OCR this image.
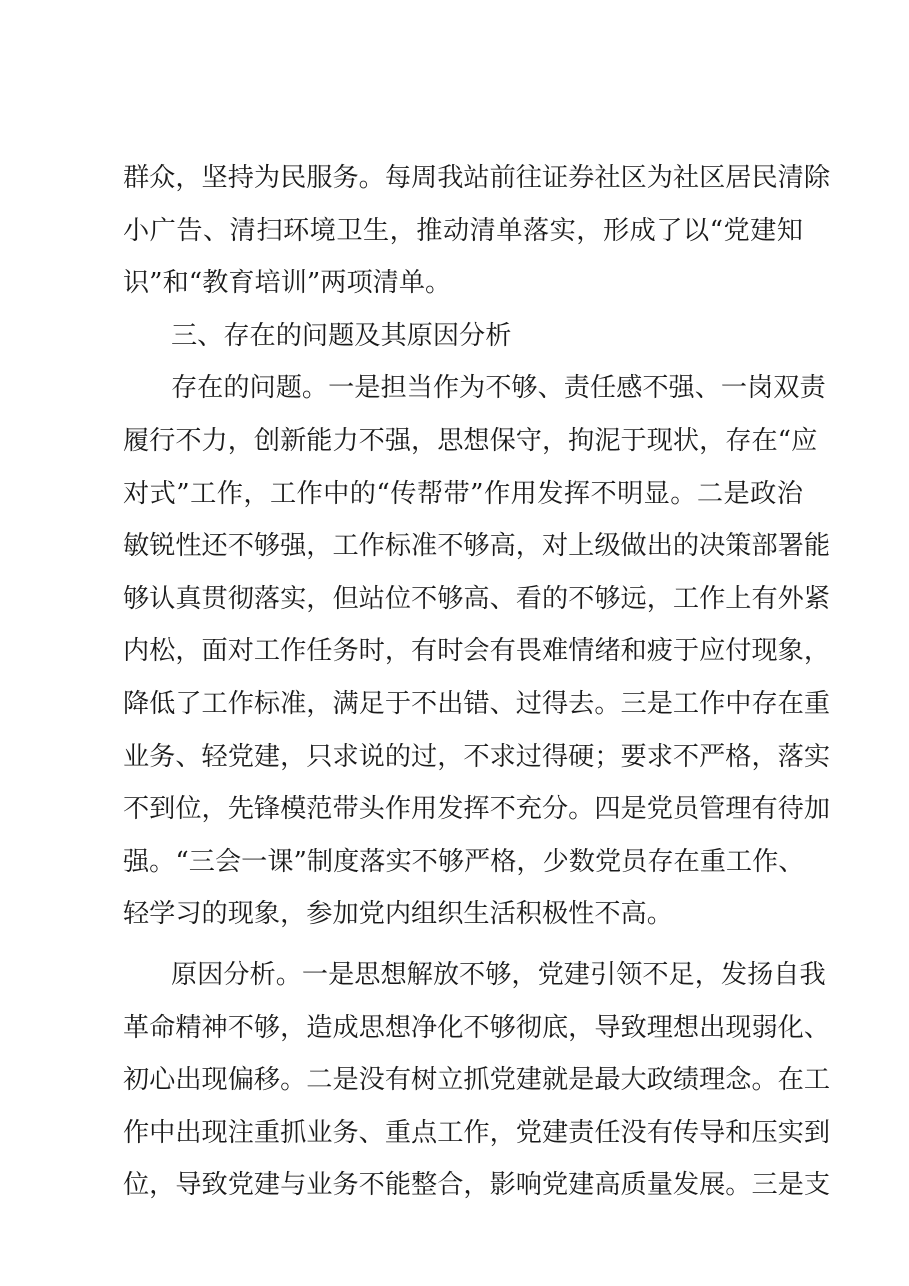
群众，坚持为民服务。每周我站前往证券社区为社区居民清除
小广告、清扫环境卫生，推动清单落实，形成了以“党建知
识”和“教育培训”两项清单。
三、存在的问题及其原因分析
存在的问题。一是担当作为不够、责任感不强、一岗双责
履行不力，创新能力不强，思想保守，拘泥于现状，存在“应
对式”工作，工作中的“传帮带”作用发挥不明显。二是政治
敏锐性还不够强，工作标准不够高，对上级做出的决策部署能
够认真贯彻落实，但站位不够高、看的不够远，工作上有外紧
内松，面对工作任务时，有时会有畏难情绪和疲于应付现象，
降低了工作标准，满足于不出错、过得去。三是工作中存在重
业务、轻党建，只求说的过，不求过得硬；要求不严格，落实
不到位，先锋模范带头作用发挥不充分。四是党员管理有待加
强。“三会一课”制度落实不够严格，少数党员存在重工作、
轻学习的现象，参加党内组织生活积极性不高。
原因分析。一是思想解放不够，党建引领不足，发扬自我
革命精神不够，造成思想净化不够彻底，导致理想出现弱化、
初心出现偏移。二是没有树立抓党建就是最大政绩理念。在工
作中出现注重抓业务、重点工作，党建责任没有传导和压实到
位，导致党建与业务不能整合，影响党建高质量发展。三是支
